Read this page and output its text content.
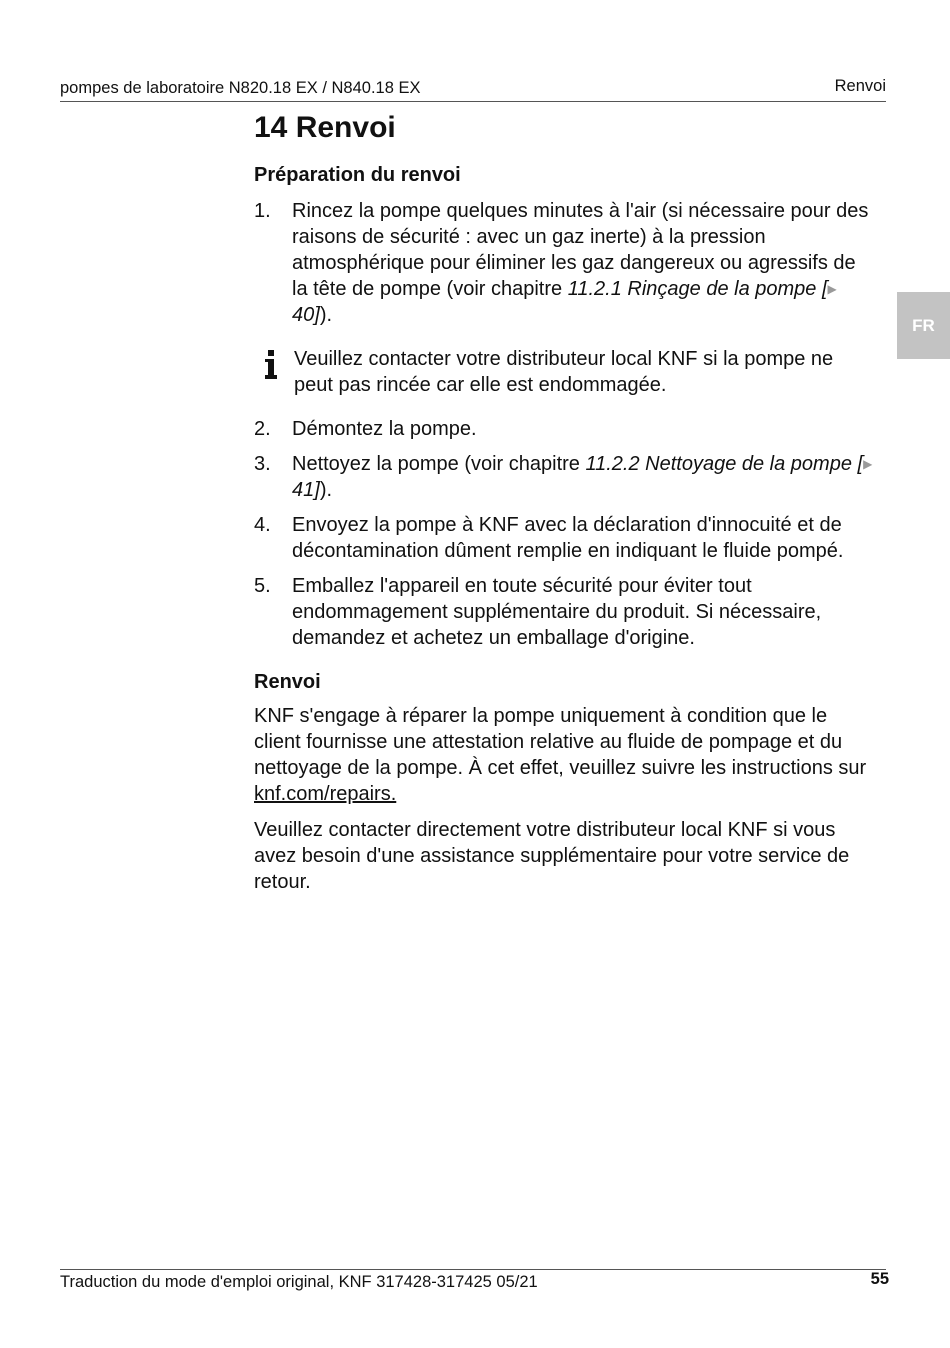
pompes de laboratoire N820.18 EX / N840.18 EX	Renvoi
FR
14 Renvoi
Préparation du renvoi
1. Rincez la pompe quelques minutes à l'air (si nécessaire pour des raisons de sécurité : avec un gaz inerte) à la pression atmosphérique pour éliminer les gaz dangereux ou agressifs de la tête de pompe (voir chapitre 11.2.1 Rinçage de la pompe [▶ 40]).
Veuillez contacter votre distributeur local KNF si la pompe ne peut pas rincée car elle est endommagée.
2. Démontez la pompe.
3. Nettoyez la pompe (voir chapitre 11.2.2 Nettoyage de la pompe [▶ 41]).
4. Envoyez la pompe à KNF avec la déclaration d'innocuité et de décontamination dûment remplie en indiquant le fluide pompé.
5. Emballez l'appareil en toute sécurité pour éviter tout endommagement supplémentaire du produit. Si nécessaire, demandez et achetez un emballage d'origine.
Renvoi

KNF s'engage à réparer la pompe uniquement à condition que le client fournisse une attestation relative au fluide de pompage et du nettoyage de la pompe. À cet effet, veuillez suivre les instructions sur knf.com/repairs.

Veuillez contacter directement votre distributeur local KNF si vous avez besoin d'une assistance supplémentaire pour votre service de retour.

Traduction du mode d'emploi original, KNF 317428-317425 05/21	55
